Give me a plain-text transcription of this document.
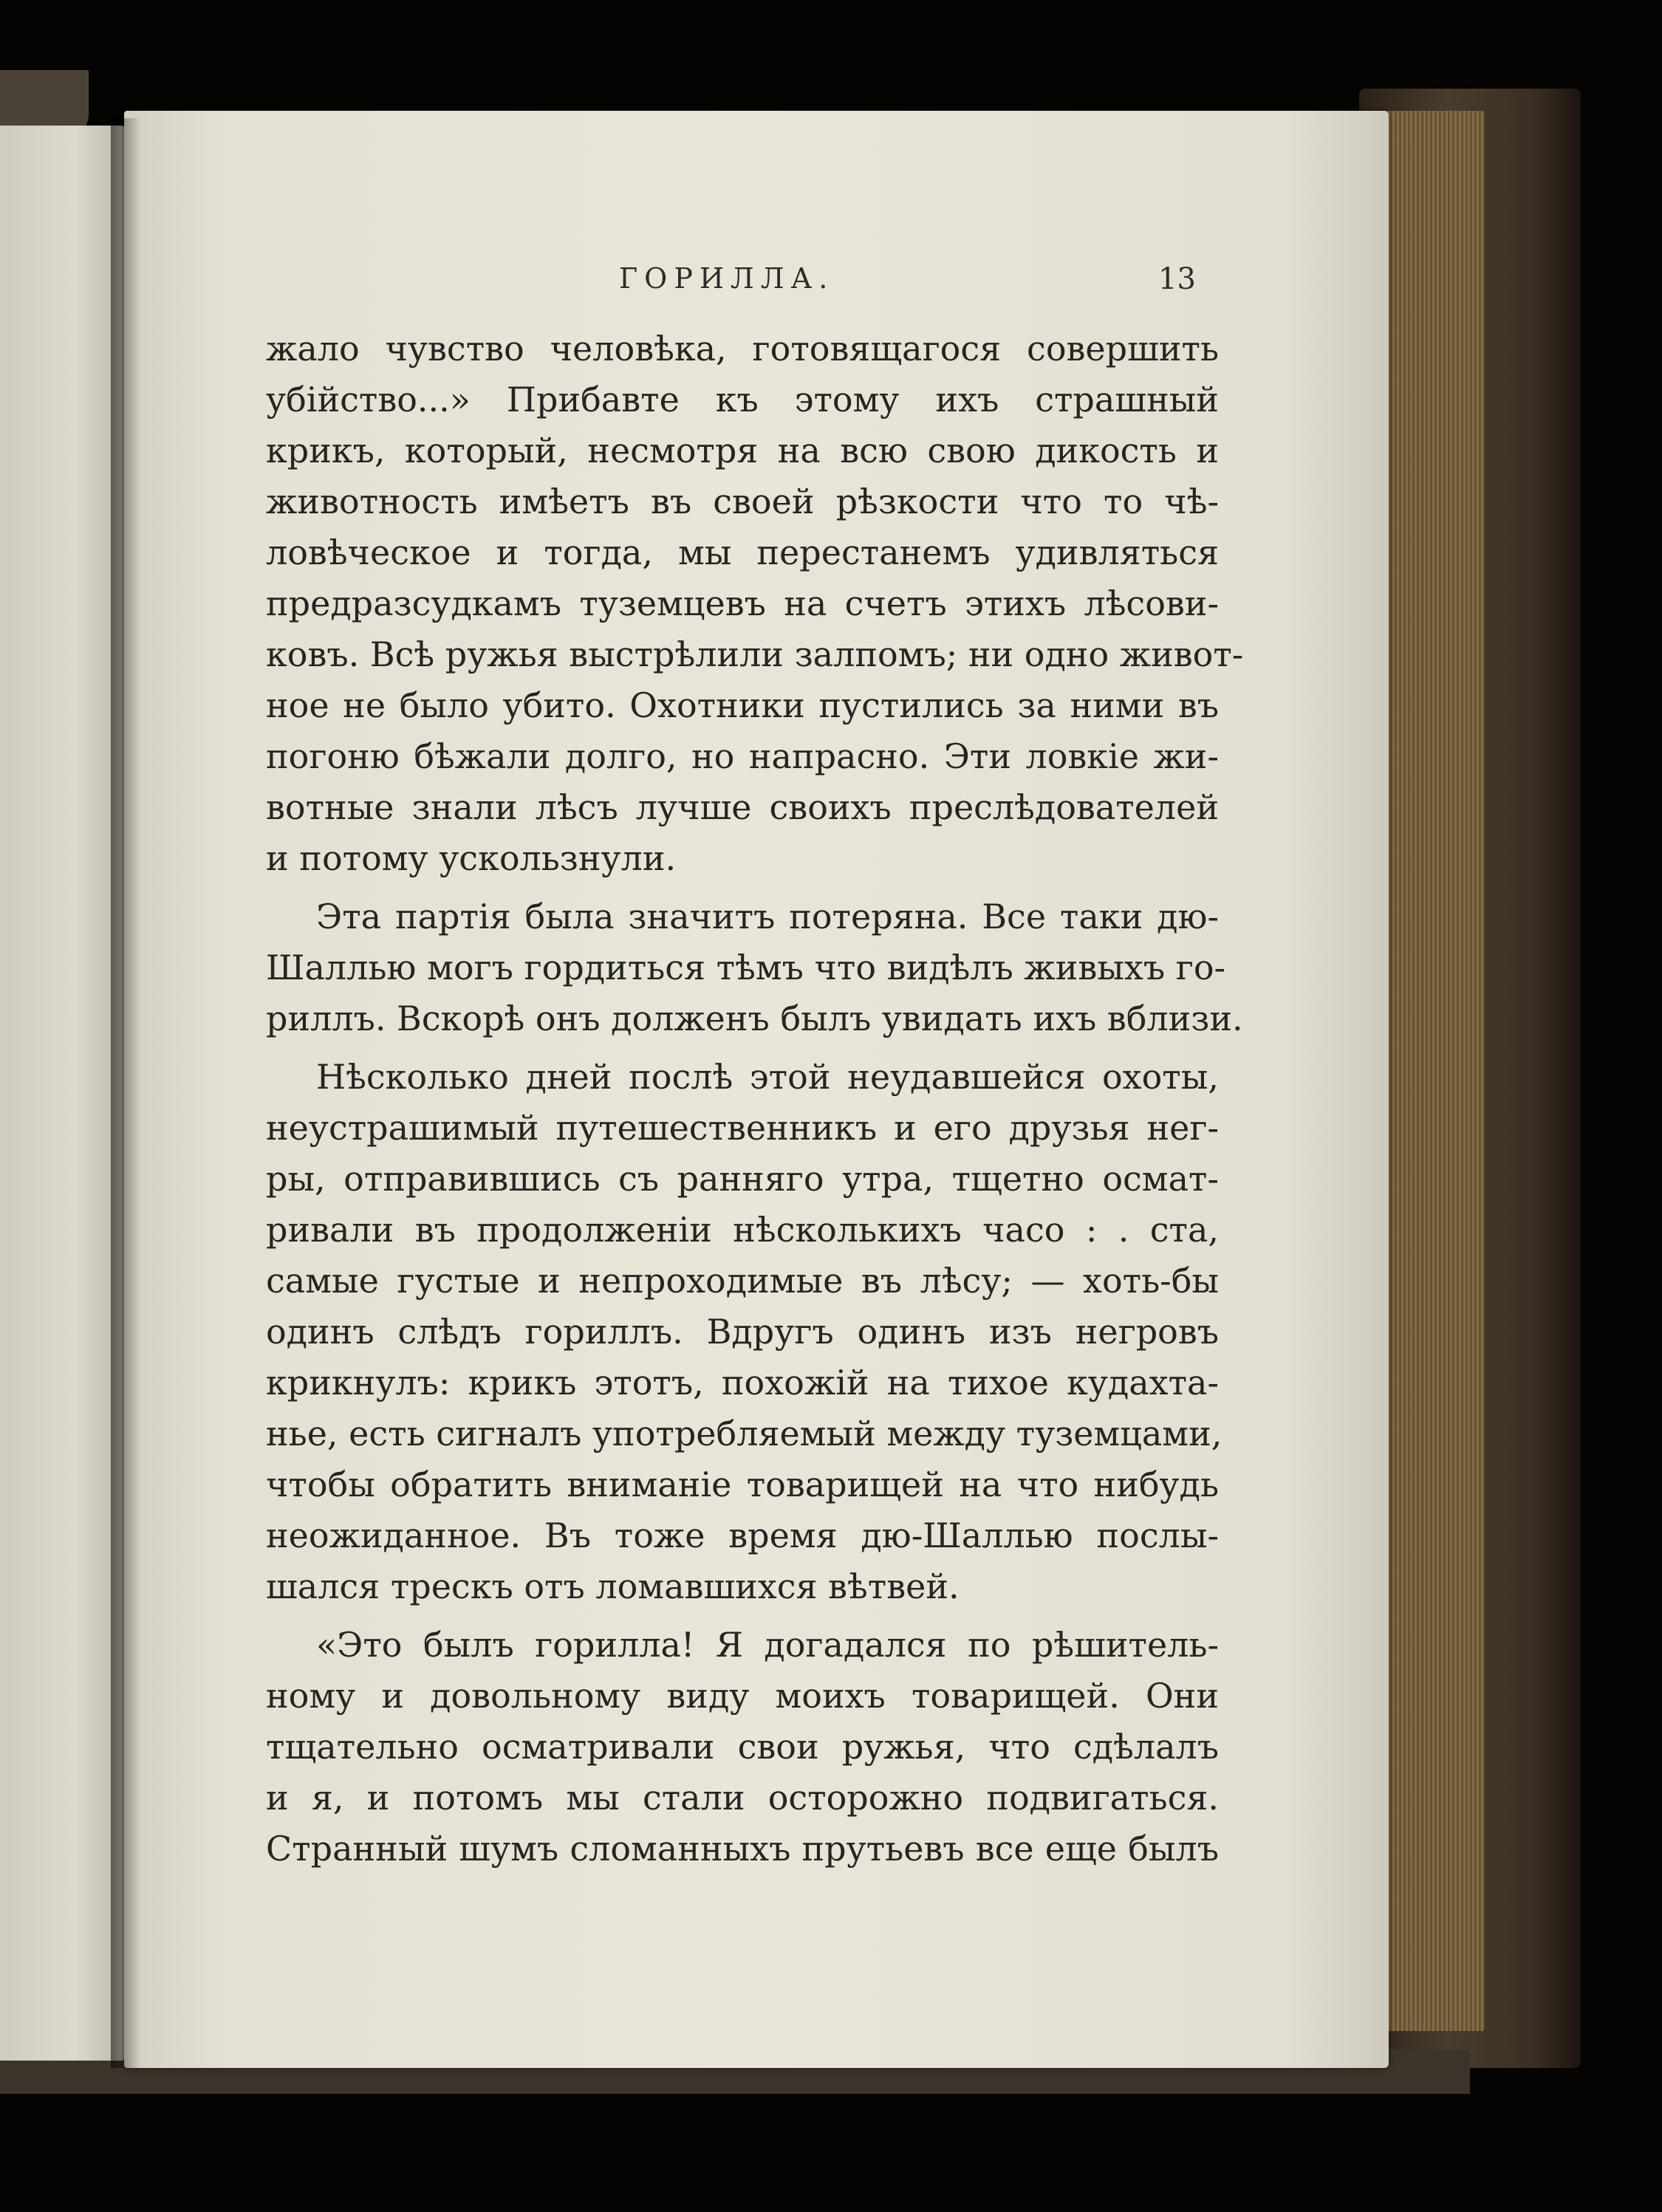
ГОРИЛЛА.	13
жало чувство человѣка, готовящагося совершить
убійство...» Прибавте къ этому ихъ страшный
крикъ, который, несмотря на всю свою дикость и
животность имѣетъ въ своей рѣзкости что то чѣ-
ловѣческое и тогда, мы перестанемъ удивляться
предразсудкамъ туземцевъ на счетъ этихъ лѣсови-
ковъ. Всѣ ружья выстрѣлили залпомъ; ни одно живот-
ное не было убито. Охотники пустились за ними въ
погоню бѣжали долго, но напрасно. Эти ловкіе жи-
вотные знали лѣсъ лучше своихъ преслѣдователей
и потому ускользнули.
Эта партія была значитъ потеряна. Все таки дю-
Шаллью могъ гордиться тѣмъ что видѣлъ живыхъ го-
риллъ. Вскорѣ онъ долженъ былъ увидать ихъ вблизи.
Нѣсколько дней послѣ этой неудавшейся охоты,
неустрашимый путешественникъ и его друзья нег-
ры, отправившись съ ранняго утра, тщетно осмат-
ривали въ продолженіи нѣсколькихъ часо : . ста,
самые густые и непроходимые въ лѣсу; — хоть-бы
одинъ слѣдъ гориллъ. Вдругъ одинъ изъ негровъ
крикнулъ: крикъ этотъ, похожій на тихое кудахта-
нье, есть сигналъ употребляемый между туземцами,
чтобы обратить вниманіе товарищей на что нибудь
неожиданное. Въ тоже время дю-Шаллью послы-
шался трескъ отъ ломавшихся вѣтвей.
«Это былъ горилла! Я догадался по рѣшитель-
ному и довольному виду моихъ товарищей. Они
тщательно осматривали свои ружья, что сдѣлалъ
и я, и потомъ мы стали осторожно подвигаться.
Странный шумъ сломанныхъ прутьевъ все еще былъ
